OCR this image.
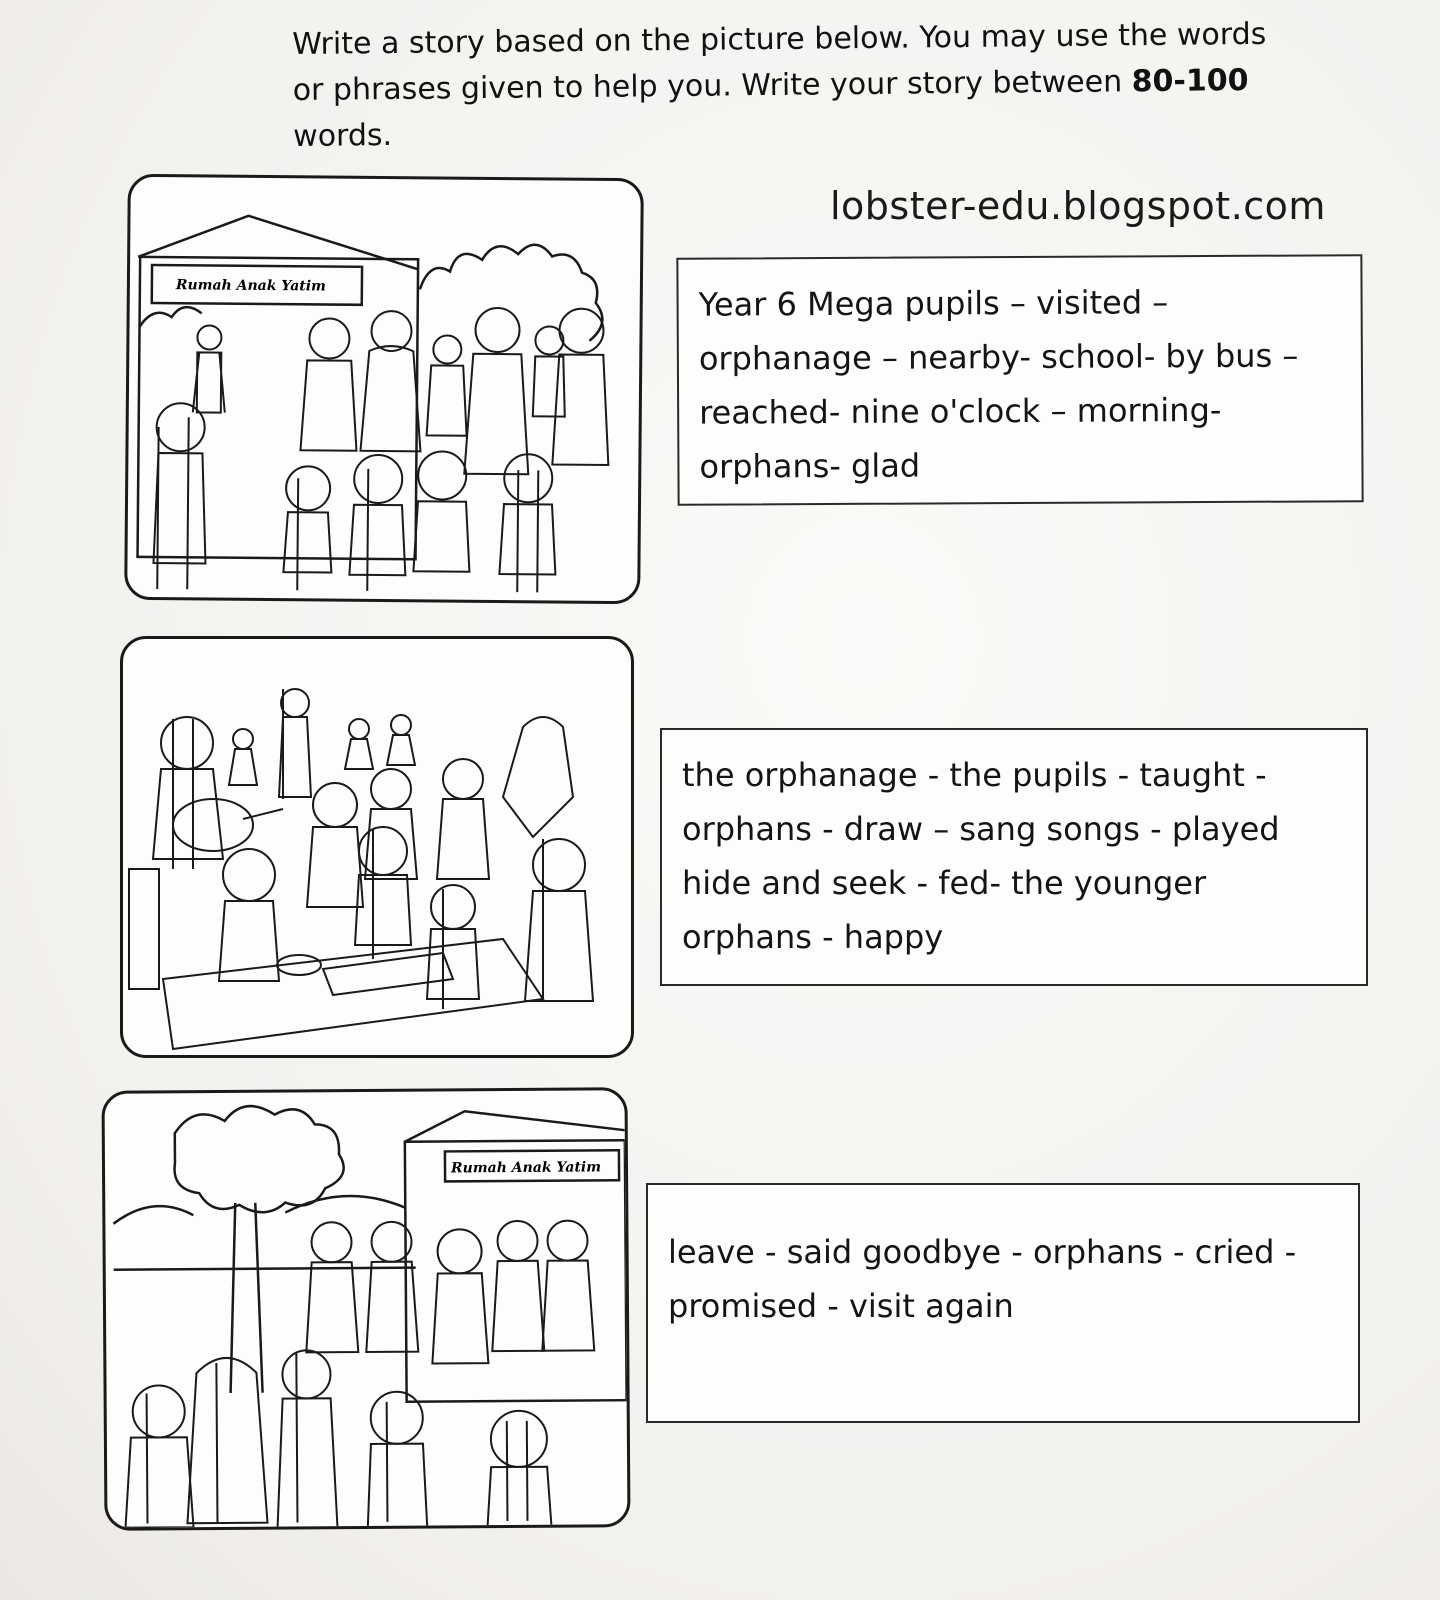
Write a story based on the picture below. You may use the words
or phrases given to help you. Write your story between 80-100
words.
lobster-edu.blogspot.com
Rumah Anak Yatim
Rumah Anak Yatim
Year 6 Mega pupils – visited –
orphanage – nearby- school- by bus –
reached- nine o'clock – morning-
orphans- glad
the orphanage - the pupils - taught -
orphans - draw – sang songs - played
hide and seek - fed- the younger
orphans - happy
leave - said goodbye - orphans - cried -
promised - visit again
